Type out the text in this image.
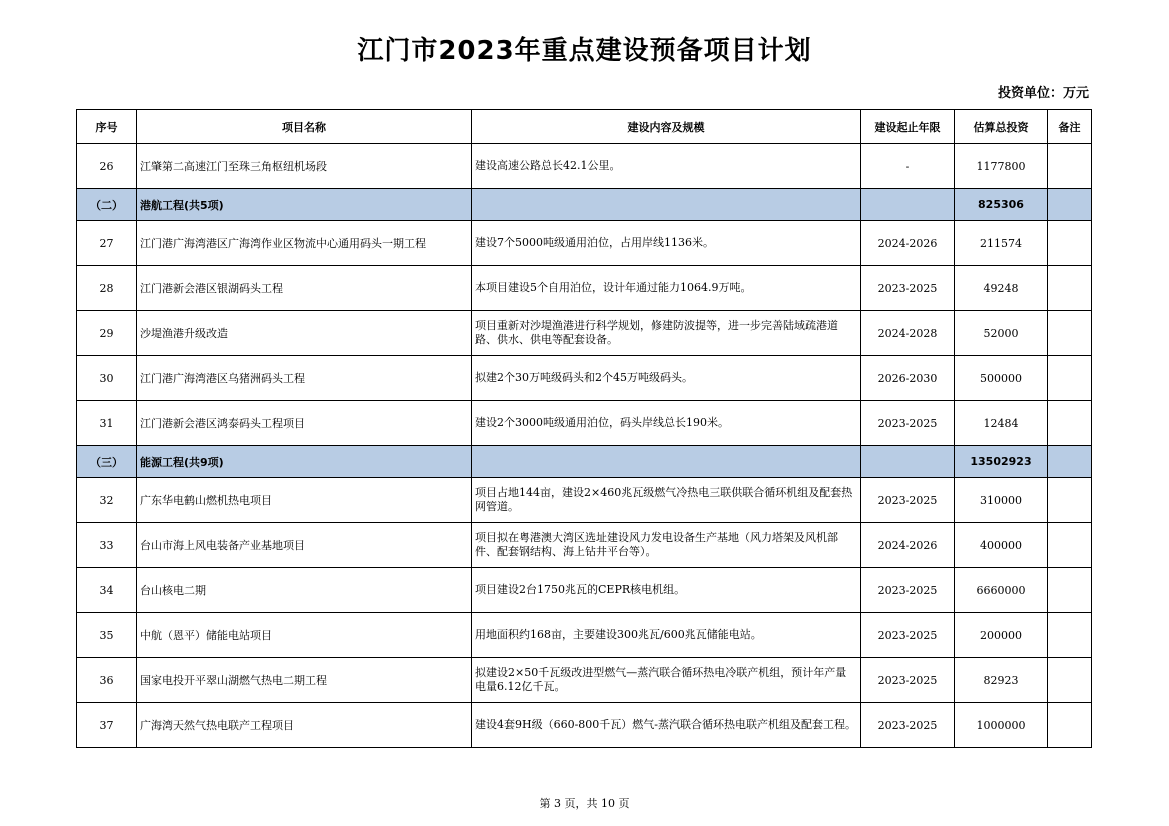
江门市2023年重点建设预备项目计划
投资单位：万元
序号	项目名称	建设内容及规模	建设起止年限	估算总投资	备注
26	江肇第二高速江门至珠三角枢纽机场段	建设高速公路总长42.1公里。	-	1177800	
（二）	港航工程(共5项)			825306	
27	江门港广海湾港区广海湾作业区物流中心通用码头一期工程	建设7个5000吨级通用泊位，占用岸线1136米。	2024-2026	211574	
28	江门港新会港区银湖码头工程	本项目建设5个自用泊位，设计年通过能力1064.9万吨。	2023-2025	49248	
29	沙堤渔港升级改造	项目重新对沙堤渔港进行科学规划，修建防波提等，进一步完善陆域疏港道路、供水、供电等配套设备。	2024-2028	52000	
30	江门港广海湾港区乌猪洲码头工程	拟建2个30万吨级码头和2个45万吨级码头。	2026-2030	500000	
31	江门港新会港区鸿泰码头工程项目	建设2个3000吨级通用泊位，码头岸线总长190米。	2023-2025	12484	
（三）	能源工程(共9项)			13502923	
32	广东华电鹤山燃机热电项目	项目占地144亩，建设2×460兆瓦级燃气冷热电三联供联合循环机组及配套热网管道。	2023-2025	310000	
33	台山市海上风电装备产业基地项目	项目拟在粤港澳大湾区选址建设风力发电设备生产基地（风力塔架及风机部件、配套钢结构、海上钻井平台等）。	2024-2026	400000	
34	台山核电二期	项目建设2台1750兆瓦的CEPR核电机组。	2023-2025	6660000	
35	中航（恩平）储能电站项目	用地面积约168亩，主要建设300兆瓦/600兆瓦储能电站。	2023-2025	200000	
36	国家电投开平翠山湖燃气热电二期工程	拟建设2×50千瓦级改进型燃气—蒸汽联合循环热电冷联产机组，预计年产量电量6.12亿千瓦。	2023-2025	82923	
37	广海湾天然气热电联产工程项目	建设4套9H级（660-800千瓦）燃气-蒸汽联合循环热电联产机组及配套工程。	2023-2025	1000000	
第 3 页，共 10 页
